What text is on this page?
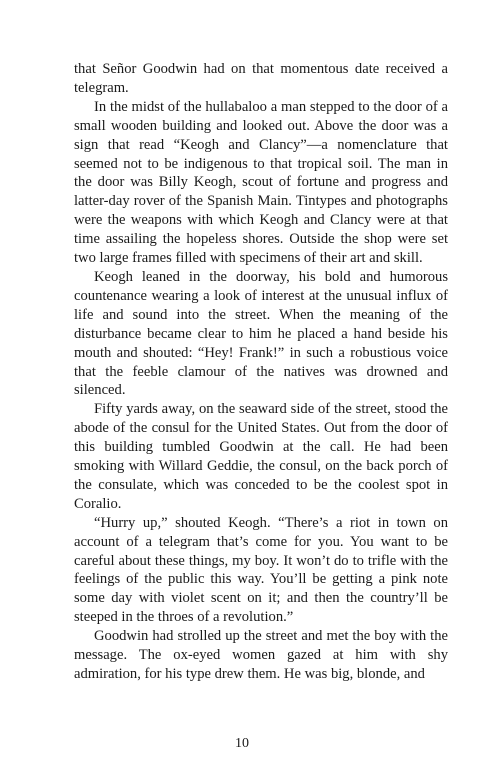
that Señor Goodwin had on that momentous date received a telegram.

In the midst of the hullabaloo a man stepped to the door of a small wooden building and looked out. Above the door was a sign that read “Keogh and Clancy”—a nomenclature that seemed not to be indigenous to that tropical soil. The man in the door was Billy Keogh, scout of fortune and progress and latter-day rover of the Spanish Main. Tintypes and photographs were the weapons with which Keogh and Clancy were at that time assailing the hopeless shores. Outside the shop were set two large frames filled with specimens of their art and skill.

Keogh leaned in the doorway, his bold and humorous countenance wearing a look of interest at the unusual influx of life and sound into the street. When the meaning of the disturbance became clear to him he placed a hand beside his mouth and shouted: “Hey! Frank!” in such a robustious voice that the feeble clamour of the natives was drowned and silenced.

Fifty yards away, on the seaward side of the street, stood the abode of the consul for the United States. Out from the door of this building tumbled Goodwin at the call. He had been smoking with Willard Geddie, the consul, on the back porch of the consulate, which was conceded to be the coolest spot in Coralio.

“Hurry up,” shouted Keogh. “There’s a riot in town on account of a telegram that’s come for you. You want to be careful about these things, my boy. It won’t do to trifle with the feelings of the public this way. You’ll be getting a pink note some day with violet scent on it; and then the country’ll be steeped in the throes of a revolution.”

Goodwin had strolled up the street and met the boy with the message. The ox-eyed women gazed at him with shy admiration, for his type drew them. He was big, blonde, and

10
